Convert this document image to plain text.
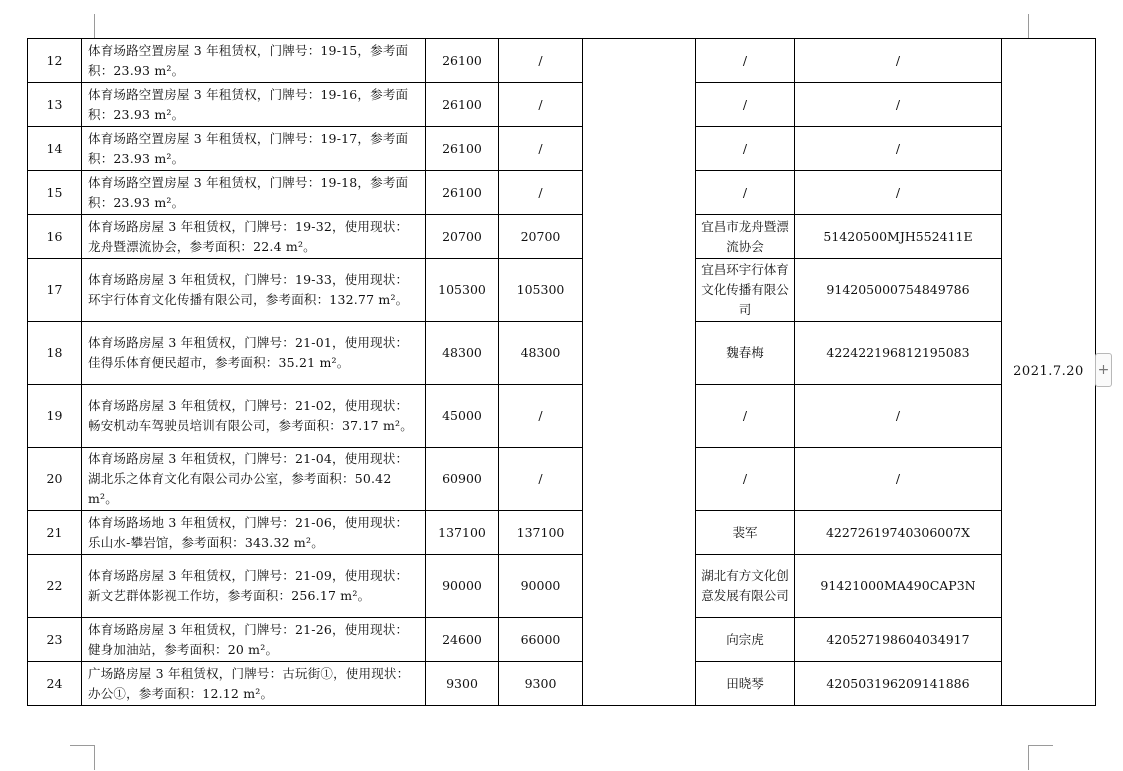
12	体育场路空置房屋 3 年租赁权，门牌号：19-15，参考面积：23.93 m²。	26100	/		/	/	2021.7.20
13	体育场路空置房屋 3 年租赁权，门牌号：19-16，参考面积：23.93 m²。	26100	/		/	/	
14	体育场路空置房屋 3 年租赁权，门牌号：19-17，参考面积：23.93 m²。	26100	/		/	/	
15	体育场路空置房屋 3 年租赁权，门牌号：19-18，参考面积：23.93 m²。	26100	/		/	/	
16	体育场路房屋 3 年租赁权，门牌号：19-32，使用现状：龙舟暨漂流协会，参考面积：22.4 m²。	20700	20700		宜昌市龙舟暨漂流协会	51420500MJH552411E	
17	体育场路房屋 3 年租赁权，门牌号：19-33，使用现状：环宇行体育文化传播有限公司，参考面积：132.77 m²。	105300	105300		宜昌环宇行体育文化传播有限公司	914205000754849786	
18	体育场路房屋 3 年租赁权，门牌号：21-01，使用现状：佳得乐体育便民超市，参考面积：35.21 m²。	48300	48300		魏春梅	422422196812195083	
19	体育场路房屋 3 年租赁权，门牌号：21-02，使用现状：畅安机动车驾驶员培训有限公司，参考面积：37.17 m²。	45000	/		/	/	
20	体育场路房屋 3 年租赁权，门牌号：21-04，使用现状：湖北乐之体育文化有限公司办公室，参考面积：50.42 m²。	60900	/		/	/	
21	体育场路场地 3 年租赁权，门牌号：21-06，使用现状：乐山水-攀岩馆，参考面积：343.32 m²。	137100	137100		裴军	42272619740306007X	
22	体育场路房屋 3 年租赁权，门牌号：21-09，使用现状：新文艺群体影视工作坊，参考面积：256.17 m²。	90000	90000		湖北有方文化创意发展有限公司	91421000MA490CAP3N	
23	体育场路房屋 3 年租赁权，门牌号：21-26，使用现状：健身加油站，参考面积：20 m²。	24600	66000		向宗虎	420527198604034917	
24	广场路房屋 3 年租赁权，门牌号：古玩街①，使用现状：办公①，参考面积：12.12 m²。	9300	9300		田晓琴	420503196209141886	
+
